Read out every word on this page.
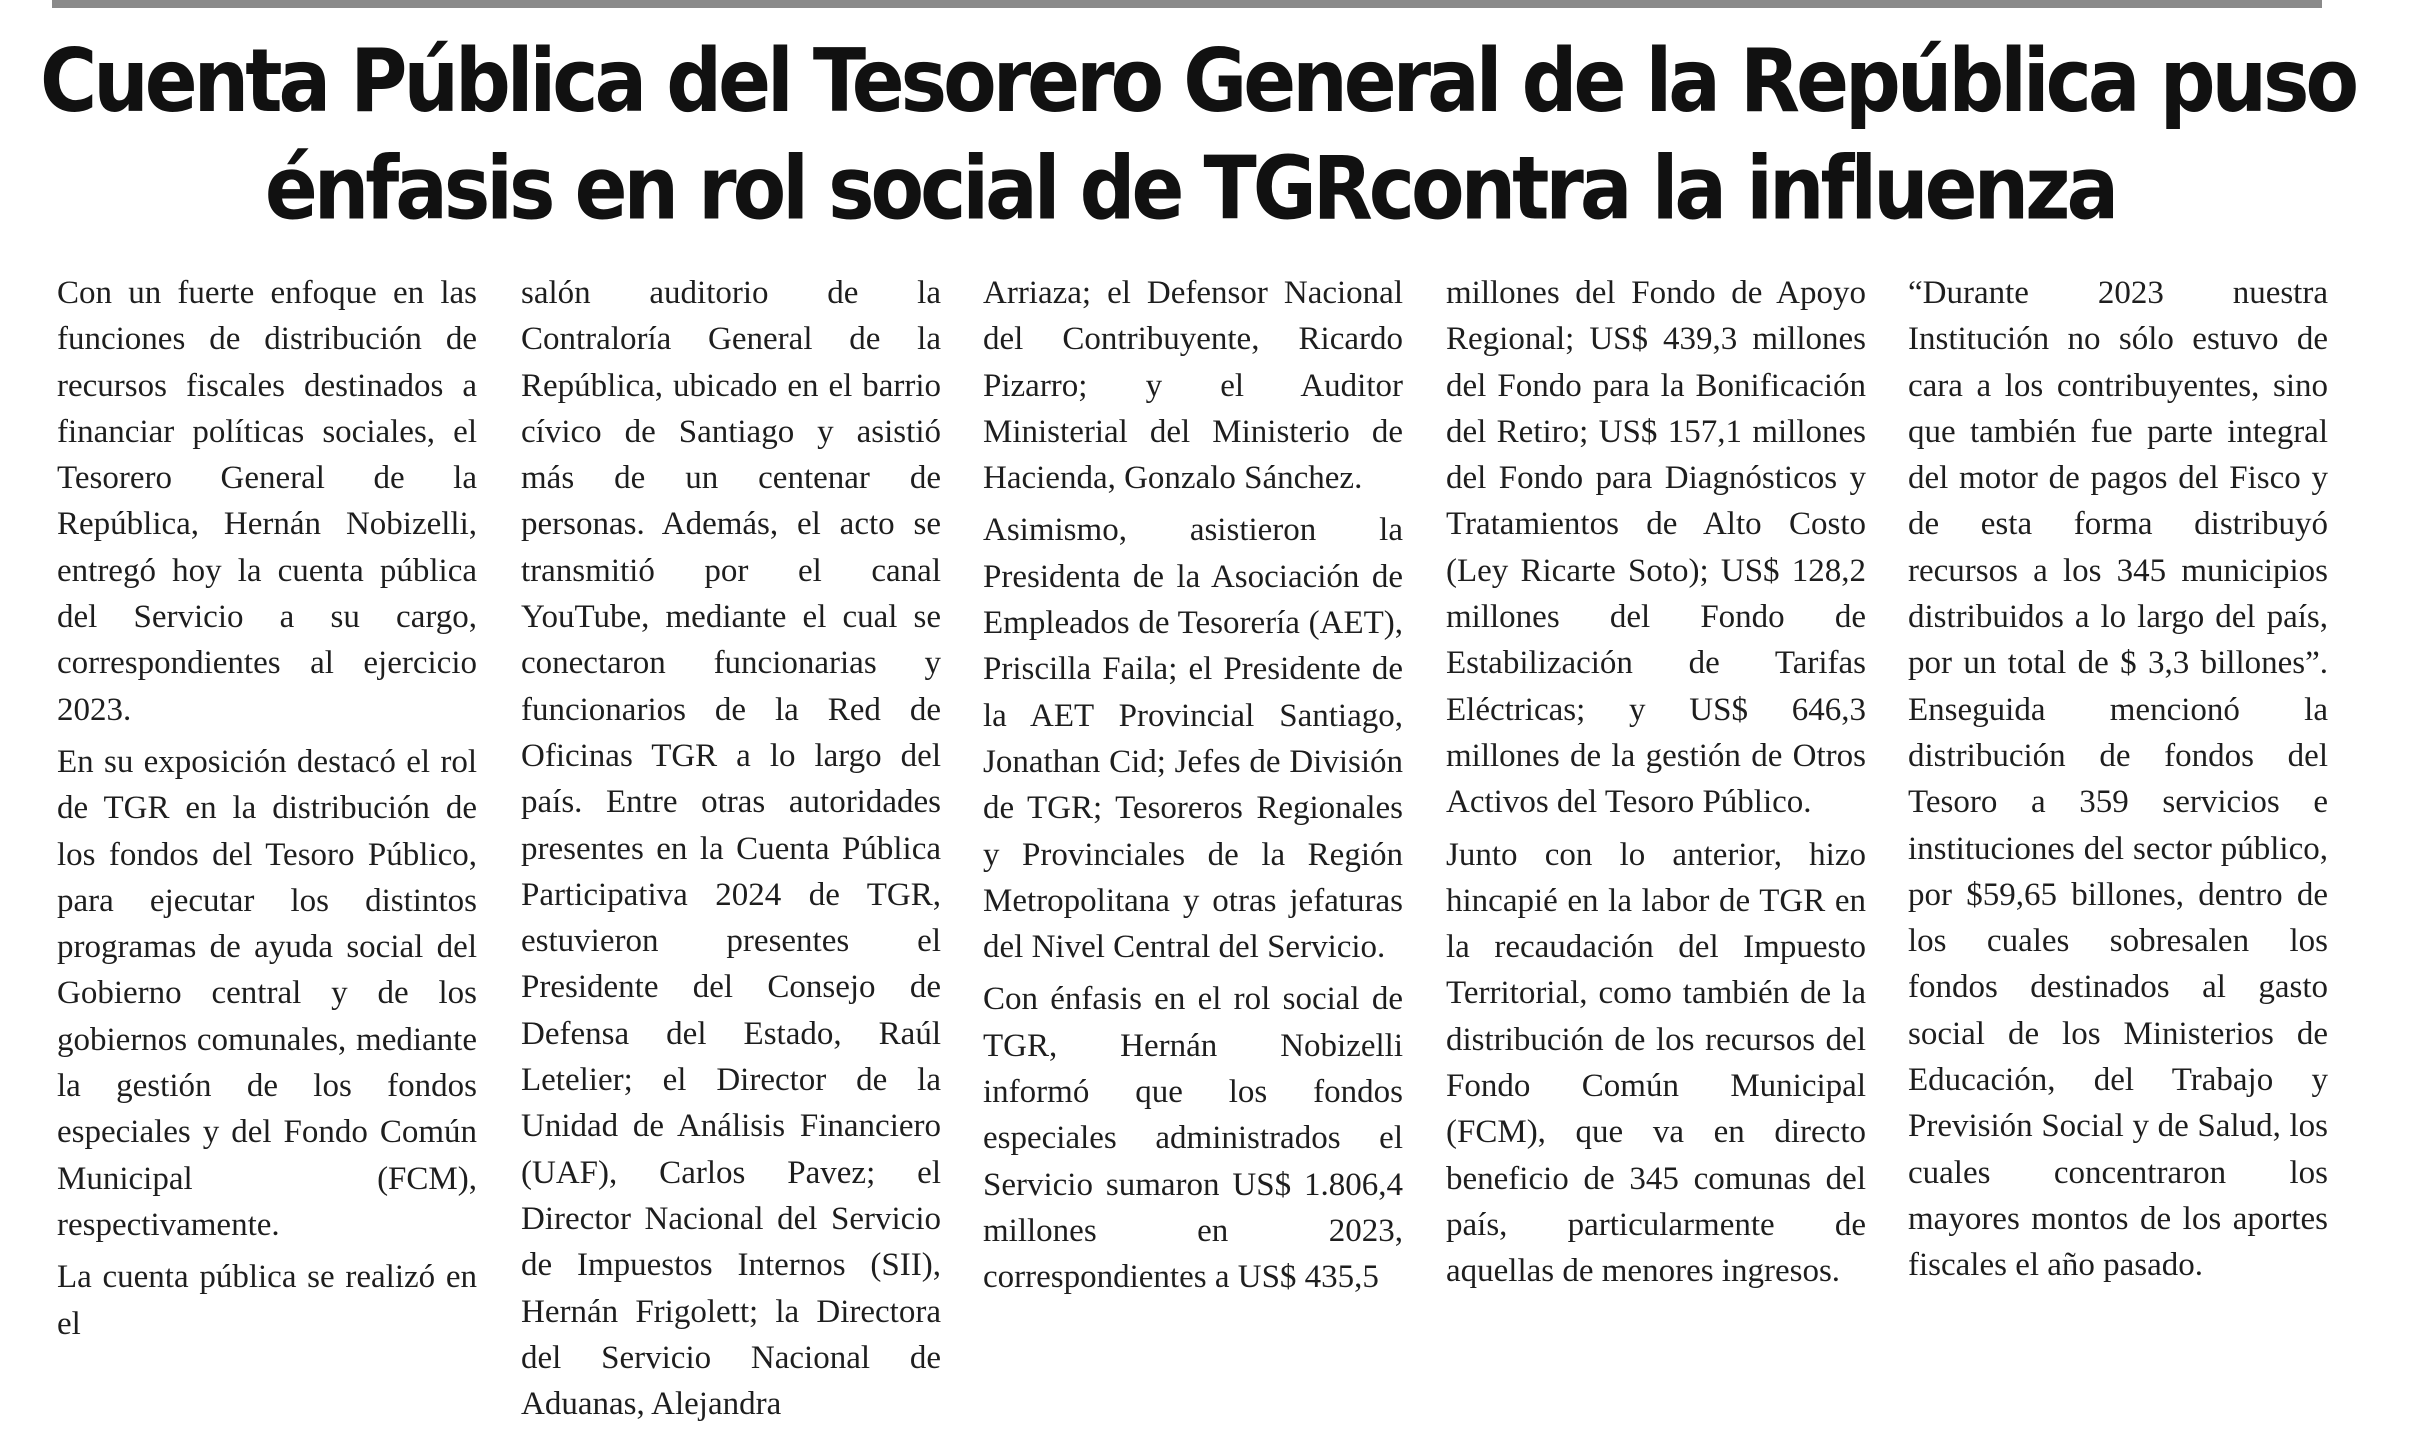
Cuenta Pública del Tesorero General de la República puso
énfasis en rol social de TGRcontra la influenza

Con un fuerte enfoque en las funciones de distribución de recursos fiscales destinados a financiar políticas sociales, el Tesorero General de la República, Hernán Nobizelli, entregó hoy la cuenta pública del Servicio a su cargo, correspondientes al ejercicio 2023.

En su exposición destacó el rol de TGR en la distribución de los fondos del Tesoro Público, para ejecutar los distintos programas de ayuda social del Gobierno central y de los gobiernos comunales, mediante la gestión de los fondos especiales y del Fondo Común Municipal (FCM), respectivamente.

La cuenta pública se realizó en el

salón auditorio de la Contraloría General de la República, ubicado en el barrio cívico de Santiago y asistió más de un centenar de personas. Además, el acto se transmitió por el canal YouTube, mediante el cual se conectaron funcionarias y funcionarios de la Red de Oficinas TGR a lo largo del país. Entre otras autoridades presentes en la Cuenta Pública Participativa 2024 de TGR, estuvieron presentes el Presidente del Consejo de Defensa del Estado, Raúl Letelier; el Director de la Unidad de Análisis Financiero (UAF), Carlos Pavez; el Director Nacional del Servicio de Impuestos Internos (SII), Hernán Frigolett; la Directora del Servicio Nacional de Aduanas, Alejandra

Arriaza; el Defensor Nacional del Contribuyente, Ricardo Pizarro; y el Auditor Ministerial del Ministerio de Hacienda, Gonzalo Sánchez.

Asimismo, asistieron la Presidenta de la Asociación de Empleados de Tesorería (AET), Priscilla Faila; el Presidente de la AET Provincial Santiago, Jonathan Cid; Jefes de División de TGR; Tesoreros Regionales y Provinciales de la Región Metropolitana y otras jefaturas del Nivel Central del Servicio.

Con énfasis en el rol social de TGR, Hernán Nobizelli informó que los fondos especiales administrados el Servicio sumaron US$ 1.806,4 millones en 2023, correspondientes a US$ 435,5

millones del Fondo de Apoyo Regional; US$ 439,3 millones del Fondo para la Bonificación del Retiro; US$ 157,1 millones del Fondo para Diagnósticos y Tratamientos de Alto Costo (Ley Ricarte Soto); US$ 128,2 millones del Fondo de Estabilización de Tarifas Eléctricas; y US$ 646,3 millones de la gestión de Otros Activos del Tesoro Público.

Junto con lo anterior, hizo hincapié en la labor de TGR en la recaudación del Impuesto Territorial, como también de la distribución de los recursos del Fondo Común Municipal (FCM), que va en directo beneficio de 345 comunas del país, particularmente de aquellas de menores ingresos.

“Durante 2023 nuestra Institución no sólo estuvo de cara a los contribuyentes, sino que también fue parte integral del motor de pagos del Fisco y de esta forma distribuyó recursos a los 345 municipios distribuidos a lo largo del país, por un total de $ 3,3 billones”. Enseguida mencionó la distribución de fondos del Tesoro a 359 servicios e instituciones del sector público, por $59,65 billones, dentro de los cuales sobresalen los fondos destinados al gasto social de los Ministerios de Educación, del Trabajo y Previsión Social y de Salud, los cuales concentraron los mayores montos de los aportes fiscales el año pasado.
